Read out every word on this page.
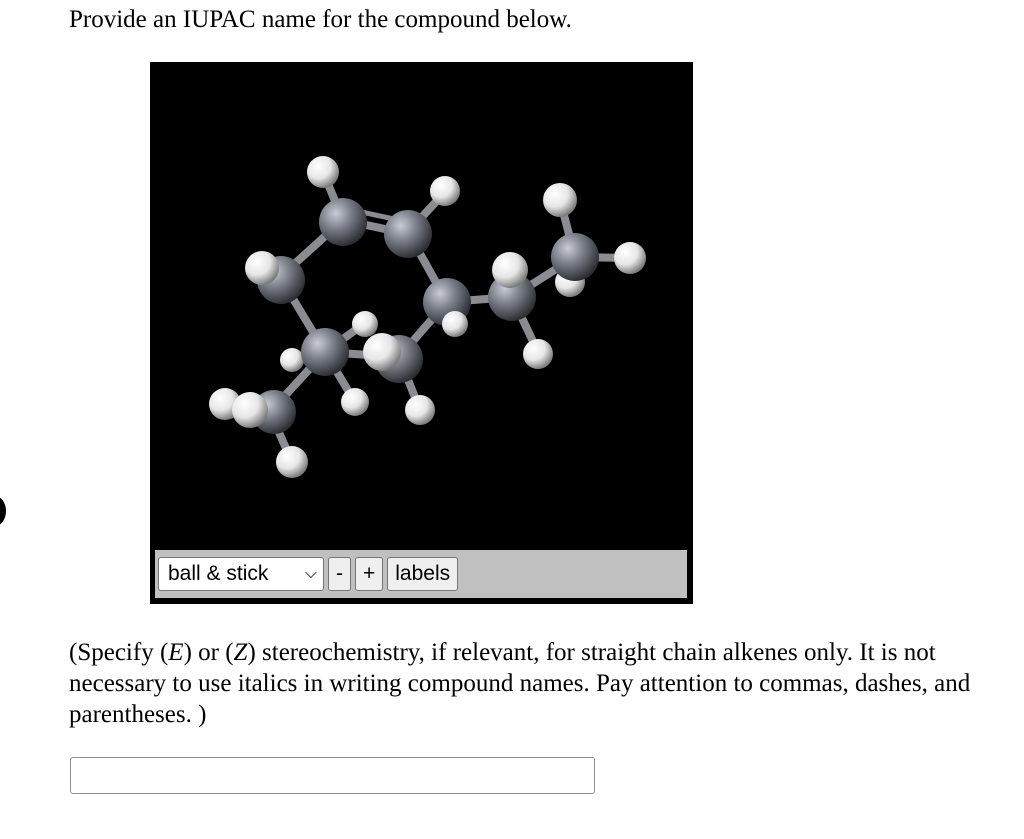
Provide an IUPAC name for the compound below.
ball & stick ⌵ - + labels

(Specify (E) or (Z) stereochemistry, if relevant, for straight chain alkenes only. It is not necessary to use italics in writing compound names. Pay attention to commas, dashes, and parentheses. )
